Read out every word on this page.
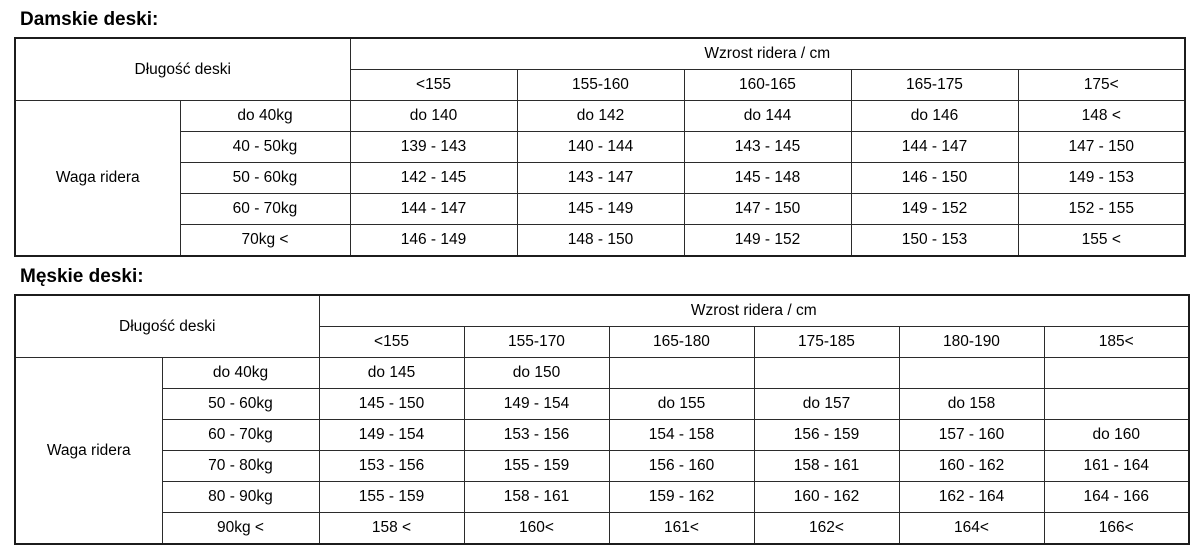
Damskie deski:
Długość deski		Wzrost ridera / cm				
		<155	155-160	160-165	165-175	175<
Waga ridera	do 40kg	do 140	do 142	do 144	do 146	148 <
	40 - 50kg	139 - 143	140 - 144	143 - 145	144 - 147	147 - 150
	50 - 60kg	142 - 145	143 - 147	145 - 148	146 - 150	149 - 153
	60 - 70kg	144 - 147	145 - 149	147 - 150	149 - 152	152 - 155
	70kg <	146 - 149	148 - 150	149 - 152	150 - 153	155 <
Męskie deski:
Długość deski		Wzrost ridera / cm					
		<155	155-170	165-180	175-185	180-190	185<
Waga ridera	do 40kg	do 145	do 150				
	50 - 60kg	145 - 150	149 - 154	do 155	do 157	do 158	
	60 - 70kg	149 - 154	153 - 156	154 - 158	156 - 159	157 - 160	do 160
	70 - 80kg	153 - 156	155 - 159	156 - 160	158 - 161	160 - 162	161 - 164
	80 - 90kg	155 - 159	158 - 161	159 - 162	160 - 162	162 - 164	164 - 166
	90kg <	158 <	160<	161<	162<	164<	166<
